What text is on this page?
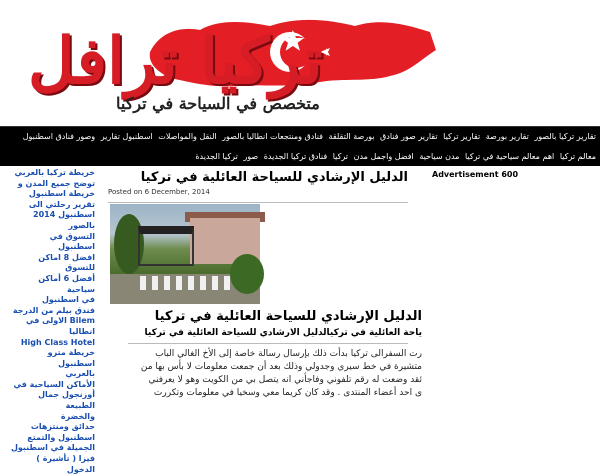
تركيا ترافل
متخصص في السياحة في تركيا
تقارير تركيا بالصور تقارير بورصة تقارير تركيا تقارير صور فنادق بورصة التقلقة فنادق ومنتجعات انطاليا بالصور النقل والمواصلات اسطنبول تقارير وصور فنادق اسطنبول
معالم تركيا اهم معالم سياحية في تركيا مدن سياحية افضل واجمل مدن تركيا فنادق تركيا الجديدة صور تركيا الجديدة
خريطة تركيا بالعربي
توضح جميع المدن و
خريطة اسطنبول
تقرير رحلتي الى
اسطنبول 2014 بالصور
التسوق في اسطنبول
افضل 8 اماكن للتسوق
أفضل 6 أماكن سياحية
في اسطنبول
فندق بيلم من الدرجة
Bilem الاولى في انطاليا
High Class Hotel
خريطة مترو اسطنبول
بالعربي
الأماكن السياحية في
أوزنجول جمال الطبيعة
والخضرة
حدائق ومنتزهات
اسطنبول والتمتع
الجميلة في اسطنبول
فيزا ( تأشيرة ) الدخول
الدليل الإرشادي للسياحة العائلية في تركيا
Posted on 6 December, 2014
الدليل الإرشادي للسياحة العائلية في تركيا
ياحة العائلية في تركيالدليل الارشادي للسياحة العائلية في تركيا
رت السفرالى تركيا بدأت ذلك بإرسال رسالة خاصة إلى الأخ الغالي الباب
متشيرة في خط سيري وجدولي وذلك بعد أن جمعت معلومات لا بأس بها من
ئقد وضعت له رقم تلفوني وفاجأني انه يتصل بي من الكويت وهو لا يعرفني
ى احد أعضاء المنتدى . وقد كان كريما معي وسخيا في معلومات وتكررت
Advertisement 600
